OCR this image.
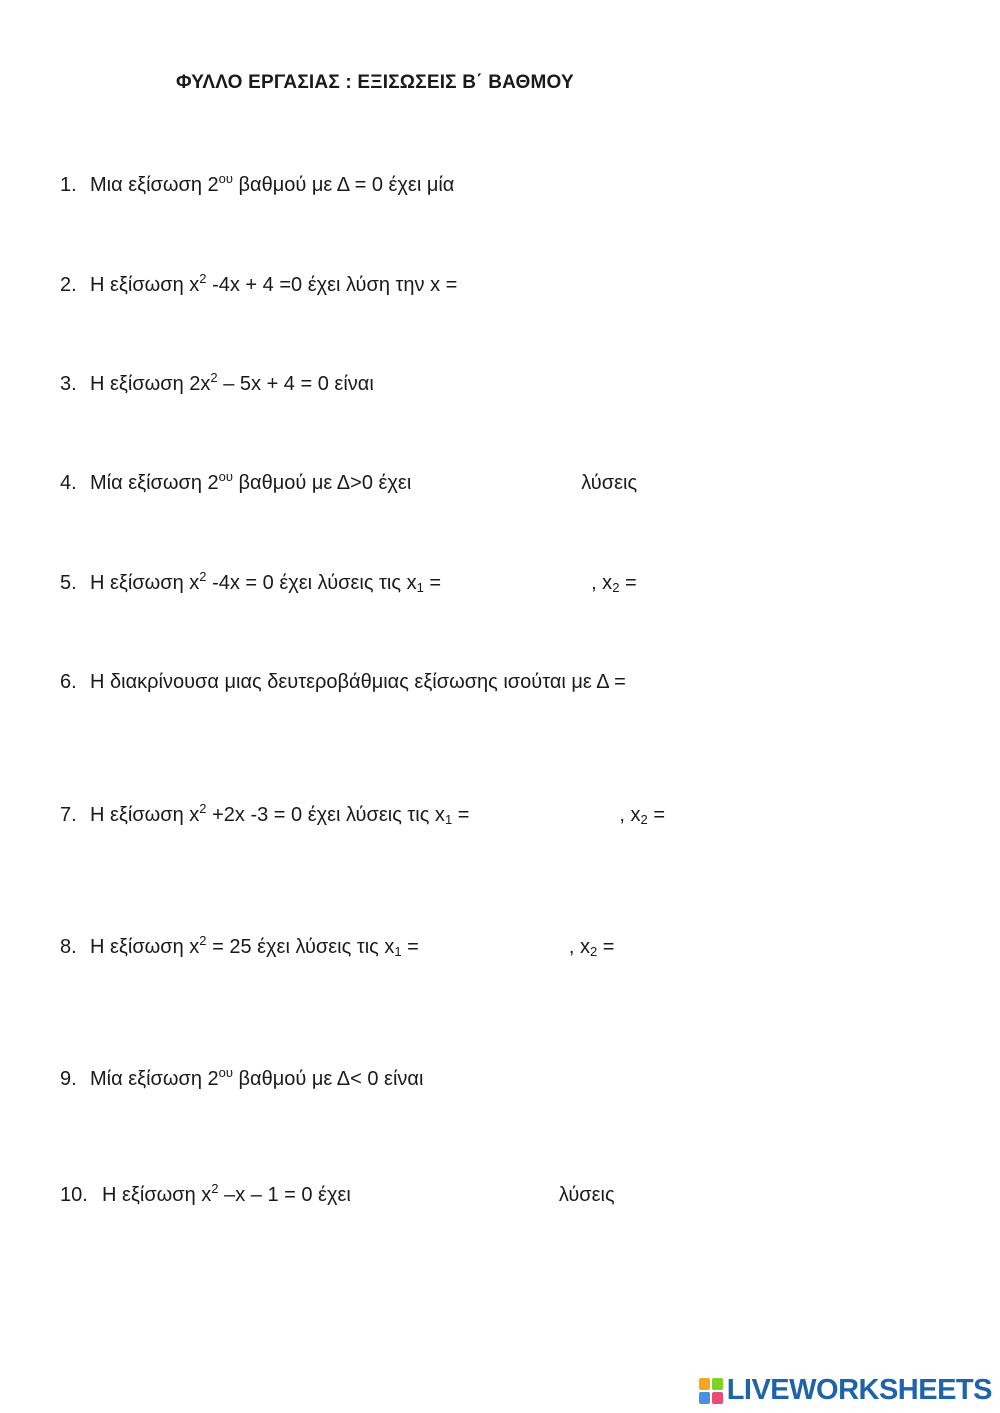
ΦΥΛΛΟ ΕΡΓΑΣΙΑΣ : ΕΞΙΣΩΣΕΙΣ Β΄ ΒΑΘΜΟΥ
1. Μια εξίσωση $2^{o\upsilon}$ βαθμού με Δ = 0 έχει μία
2. Η εξίσωση $x^2$ -4x + 4 =0 έχει λύση την x =
3. Η εξίσωση $2x^2 - 5x + 4 = 0$ είναι
4. Μία εξίσωση $2^{o\upsilon}$ βαθμού με Δ>0 έχει	λύσεις
5. Η εξίσωση $x^2$ -4x = 0 έχει λύσεις τις $x_1$ =	, $x_2$ =
6. Η διακρίνουσα μιας δευτεροβάθμιας εξίσωσης ισούται με Δ =
7. Η εξίσωση $x^2 +2x$ -3 = 0 έχει λύσεις τις $x_1$ =	, $x_2$ =
8. Η εξίσωση $x^2 = 25$ έχει λύσεις τις $x_1$ =	, $x_2$ =
9. Μία εξίσωση $2^{o\upsilon}$ βαθμού με Δ< 0 είναι
10. Η εξίσωση $x^2$ –x – 1 = 0 έχει	λύσεις
LIVEWORKSHEETS
